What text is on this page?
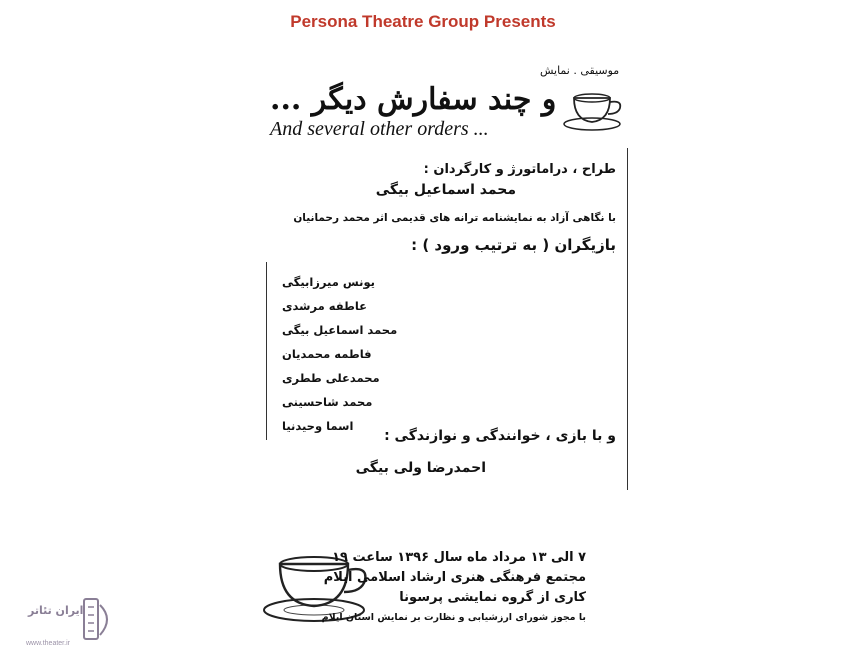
Persona Theatre Group Presents
موسیقی . نمایش
و چند سفارش دیگر ...
And several other orders ...
طراح ، دراماتورژ و کارگردان :
محمد اسماعیل بیگی
با نگاهی آزاد به نمایشنامه ترانه های قدیمی اثر محمد رحمانیان
بازیگران ( به ترتیب ورود ) :
یونس میرزابیگی
عاطفه مرشدی
محمد اسماعیل بیگی
فاطمه محمدیان
محمدعلی ططری
محمد شاحسینی
اسما وحیدنیا
و با بازی ، خوانندگی و نوازندگی :
احمدرضا ولی بیگی
۷ الی ۱۳ مرداد ماه سال ۱۳۹۶ ساعت ۱۹
مجتمع فرهنگی هنری ارشاد اسلامی ایلام
کاری از گروه نمایشی پرسونا
با مجوز شورای ارزشیابی و نظارت بر نمایش استان ایلام
ایران تئاتر
www.theater.ir
